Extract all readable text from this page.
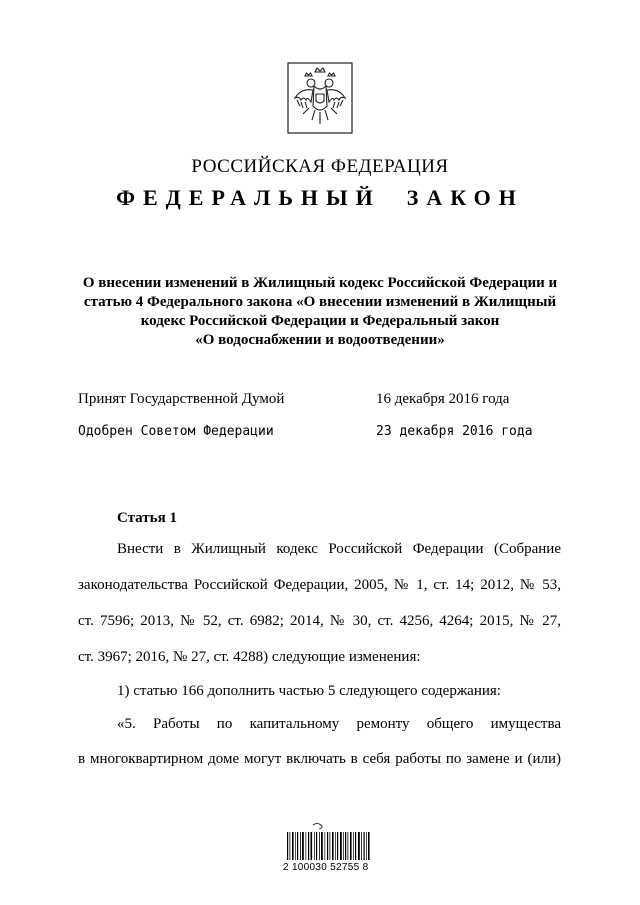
РОССИЙСКАЯ ФЕДЕРАЦИЯ
ФЕДЕРАЛЬНЫЙ ЗАКОН
О внесении изменений в Жилищный кодекс Российской Федерации и
статью 4 Федерального закона «О внесении изменений в Жилищный
кодекс Российской Федерации и Федеральный закон
«О водоснабжении и водоотведении»
Принят Государственной Думой	16 декабря 2016 года
Одобрен Советом Федерации	23 декабря 2016 года
Статья 1
Внести в Жилищный кодекс Российской Федерации (Собрание
законодательства Российской Федерации, 2005, № 1, ст. 14; 2012, № 53,
ст. 7596; 2013, № 52, ст. 6982; 2014, № 30, ст. 4256, 4264; 2015, № 27,
ст. 3967; 2016, № 27, ст. 4288) следующие изменения:
1) статью 166 дополнить частью 5 следующего содержания:
«5. Работы по капитальному ремонту общего имущества
в многоквартирном доме могут включать в себя работы по замене и (или)
2 100030 52755 8
